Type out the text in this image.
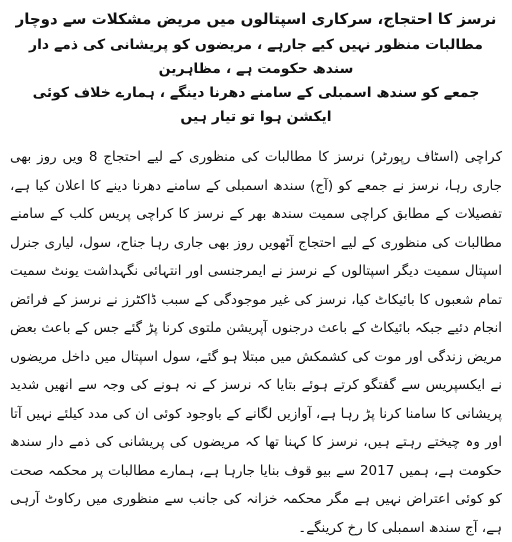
نرسز کا احتجاج، سرکاری اسپتالوں میں مریض مشکلات سے دوچار
مطالبات منظور نہیں کیے جارہے ، مریضوں کو پریشانی کی ذمے دار سندھ حکومت ہے ، مظاہرین
جمعے کو سندھ اسمبلی کے سامنے دھرنا دینگے ، ہمارے خلاف کوئی ایکشن ہوا تو تیار ہیں

کراچی (اسٹاف رپورٹر) نرسز کا مطالبات کی منظوری کے لیے احتجاج 8 ویں روز بھی جاری رہا، نرسز نے جمعے کو (آج) سندھ اسمبلی کے سامنے دھرنا دینے کا اعلان کیا ہے، تفصیلات کے مطابق کراچی سمیت سندھ بھر کے نرسز کا کراچی پریس کلب کے سامنے مطالبات کی منظوری کے لیے احتجاج آٹھویں روز بھی جاری رہا جناح، سول، لیاری جنرل اسپتال سمیت دیگر اسپتالوں کے نرسز نے ایمرجنسی اور انتہائی نگہداشت یونٹ سمیت تمام شعبوں کا بائیکاٹ کیا، نرسز کی غیر موجودگی کے سبب ڈاکٹرز نے نرسز کے فرائض انجام دئیے جبکہ بائیکاٹ کے باعث درجنوں آپریشن ملتوی کرنا پڑ گئے جس کے باعث بعض مریض زندگی اور موت کی کشمکش میں مبتلا ہو گئے، سول اسپتال میں داخل مریضوں نے ایکسپریس سے گفتگو کرتے ہوئے بتایا کہ نرسز کے نہ ہونے کی وجہ سے انھیں شدید پریشانی کا سامنا کرنا پڑ رہا ہے، آوازیں لگانے کے باوجود کوئی ان کی مدد کیلئے نہیں آتا اور وہ چیختے رہتے ہیں، نرسز کا کہنا تھا کہ مریضوں کی پریشانی کی ذمے دار سندھ حکومت ہے، ہمیں 2017 سے بیو قوف بنایا جارہا ہے، ہمارے مطالبات پر محکمہ صحت کو کوئی اعتراض نہیں ہے مگر محکمہ خزانہ کی جانب سے منظوری میں رکاوٹ آرہی ہے، آج سندھ اسمبلی کا رخ کرینگے۔
